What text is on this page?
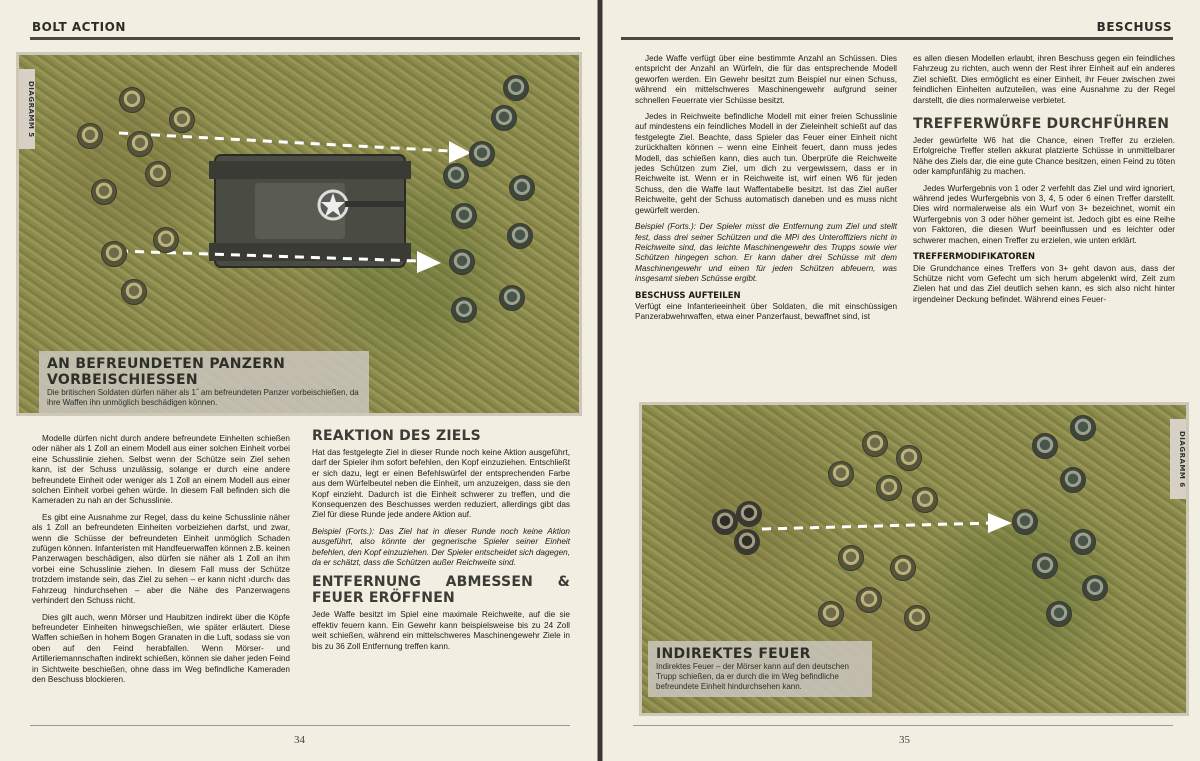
BOLT ACTION
DIAGRAMM 5
AN BEFREUNDETEN PANZERN VORBEISCHIESSEN
Die britischen Soldaten dürfen näher als 1˝ am befreundeten Panzer vorbeischießen, da ihre Waffen ihn unmöglich beschädigen können.

Modelle dürfen nicht durch andere befreundete Einheiten schießen oder näher als 1 Zoll an einem Modell aus einer solchen Einheit vorbei eine Schusslinie ziehen. Selbst wenn der Schütze sein Ziel sehen kann, ist der Schuss unzulässig, solange er durch eine andere befreundete Einheit oder weniger als 1 Zoll an einem Modell aus einer solchen Einheit vorbei gehen würde. In diesem Fall befinden sich die Kameraden zu nah an der Schusslinie.

Es gibt eine Ausnahme zur Regel, dass du keine Schusslinie näher als 1 Zoll an befreundeten Einheiten vorbeiziehen darfst, und zwar, wenn die Schüsse der befreundeten Einheit unmöglich Schaden zufügen können. Infanteristen mit Handfeuerwaffen können z.B. keinen Panzerwagen beschädigen, also dürfen sie näher als 1 Zoll an ihm vorbei eine Schusslinie ziehen. In diesem Fall muss der Schütze trotzdem imstande sein, das Ziel zu sehen – er kann nicht ›durch‹ das Fahrzeug hindurchsehen – aber die Nähe des Panzerwagens verhindert den Schuss nicht.

Dies gilt auch, wenn Mörser und Haubitzen indirekt über die Köpfe befreundeter Einheiten hinwegschießen, wie später erläutert. Diese Waffen schießen in hohem Bogen Granaten in die Luft, sodass sie von oben auf den Feind herabfallen. Wenn Mörser- und Artilleriemannschaften indirekt schießen, können sie daher jeden Feind in Sichtweite beschießen, ohne dass im Weg befindliche Kameraden den Beschuss blockieren.

REAKTION DES ZIELS

Hat das festgelegte Ziel in dieser Runde noch keine Aktion ausgeführt, darf der Spieler ihm sofort befehlen, den Kopf einzuziehen. Entschließt er sich dazu, legt er einen Befehlswürfel der entsprechenden Farbe aus dem Würfelbeutel neben die Einheit, um anzuzeigen, dass sie den Kopf einzieht. Dadurch ist die Einheit schwerer zu treffen, und die Konsequenzen des Beschusses werden reduziert, allerdings gibt das Ziel für diese Runde jede andere Aktion auf.

Beispiel (Forts.): Das Ziel hat in dieser Runde noch keine Aktion ausgeführt, also könnte der gegnerische Spieler seiner Einheit befehlen, den Kopf einzuziehen. Der Spieler entscheidet sich dagegen, da er schätzt, dass die Schützen außer Reichweite sind.

ENTFERNUNG ABMESSEN & FEUER ERÖFFNEN

Jede Waffe besitzt im Spiel eine maximale Reichweite, auf die sie effektiv feuern kann. Ein Gewehr kann beispielsweise bis zu 24 Zoll weit schießen, während ein mittelschweres Maschinengewehr Ziele in bis zu 36 Zoll Entfernung treffen kann.

34
BESCHUSS

Jede Waffe verfügt über eine bestimmte Anzahl an Schüssen. Dies entspricht der Anzahl an Würfeln, die für das entsprechende Modell geworfen werden. Ein Gewehr besitzt zum Beispiel nur einen Schuss, während ein mittelschweres Maschinengewehr aufgrund seiner schnellen Feuerrate vier Schüsse besitzt.

Jedes in Reichweite befindliche Modell mit einer freien Schusslinie auf mindestens ein feindliches Modell in der Zieleinheit schießt auf das festgelegte Ziel. Beachte, dass Spieler das Feuer einer Einheit nicht zurückhalten können – wenn eine Einheit feuert, dann muss jedes Modell, das schießen kann, dies auch tun. Überprüfe die Reichweite jedes Schützen zum Ziel, um dich zu vergewissern, dass er in Reichweite ist. Wenn er in Reichweite ist, wirf einen W6 für jeden Schuss, den die Waffe laut Waffentabelle besitzt. Ist das Ziel außer Reichweite, geht der Schuss automatisch daneben und es muss nicht gewürfelt werden.

Beispiel (Forts.): Der Spieler misst die Entfernung zum Ziel und stellt fest, dass drei seiner Schützen und die MPi des Unteroffiziers nicht in Reichweite sind, das leichte Maschinengewehr des Trupps sowie vier Schützen hingegen schon. Er kann daher drei Schüsse mit dem Maschinengewehr und einen für jeden Schützen abfeuern, was insgesamt sieben Schüsse ergibt.

BESCHUSS AUFTEILEN

Verfügt eine Infanterieeinheit über Soldaten, die mit einschüssigen Panzerabwehrwaffen, etwa einer Panzerfaust, bewaffnet sind, ist

es allen diesen Modellen erlaubt, ihren Beschuss gegen ein feindliches Fahrzeug zu richten, auch wenn der Rest ihrer Einheit auf ein anderes Ziel schießt. Dies ermöglicht es einer Einheit, ihr Feuer zwischen zwei feindlichen Einheiten aufzuteilen, was eine Ausnahme zu der Regel darstellt, die dies normalerweise verbietet.

TREFFERWÜRFE DURCHFÜHREN

Jeder gewürfelte W6 hat die Chance, einen Treffer zu erzielen. Erfolgreiche Treffer stellen akkurat platzierte Schüsse in unmittelbarer Nähe des Ziels dar, die eine gute Chance besitzen, einen Feind zu töten oder kampfunfähig zu machen.

Jedes Wurfergebnis von 1 oder 2 verfehlt das Ziel und wird ignoriert, während jedes Wurfergebnis von 3, 4, 5 oder 6 einen Treffer darstellt. Dies wird normalerweise als ein Wurf von 3+ bezeichnet, womit ein Wurfergebnis von 3 oder höher gemeint ist. Jedoch gibt es eine Reihe von Faktoren, die diesen Wurf beeinflussen und es leichter oder schwerer machen, einen Treffer zu erzielen, wie unten erklärt.

TREFFERMODIFIKATOREN

Die Grundchance eines Treffers von 3+ geht davon aus, dass der Schütze nicht vom Gefecht um sich herum abgelenkt wird, Zeit zum Zielen hat und das Ziel deutlich sehen kann, es sich also nicht hinter irgendeiner Deckung befindet. Während eines Feuer-

DIAGRAMM 6
INDIREKTES FEUER
Indirektes Feuer – der Mörser kann auf den deutschen Trupp schießen, da er durch die im Weg befindliche befreundete Einheit hindurchsehen kann.
35
